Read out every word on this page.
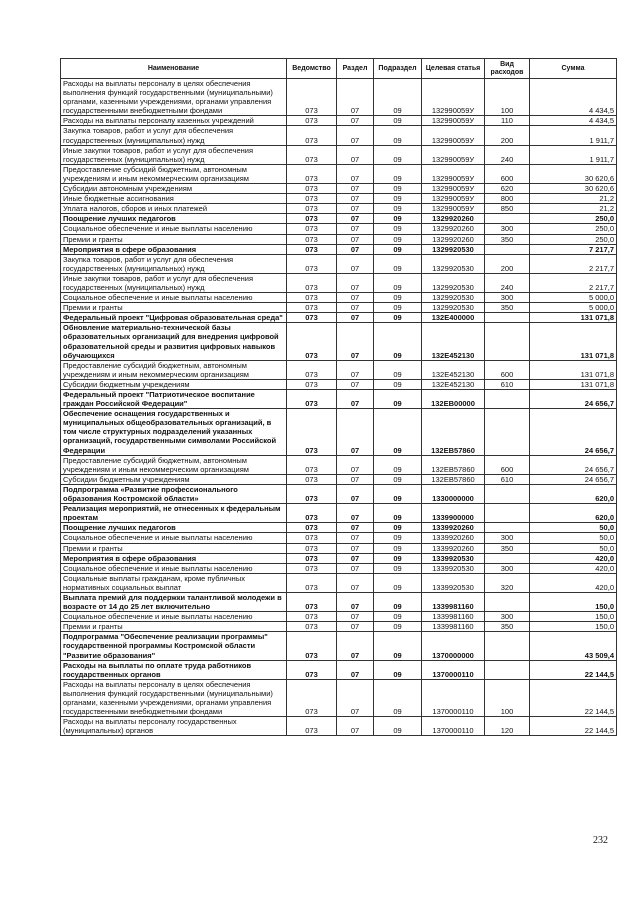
Наименование	Ведомство	Раздел	Подраздел	Целевая статья	Вид расходов	Сумма
Расходы на выплаты персоналу в целях обеспечения выполнения функций государственными (муниципальными) органами, казенными учреждениями, органами управления государственными внебюджетными фондами	073	07	09	132990059У	100	4 434,5
Расходы на выплаты персоналу казенных учреждений	073	07	09	132990059У	110	4 434,5
Закупка товаров, работ и услуг для обеспечения государственных (муниципальных) нужд	073	07	09	132990059У	200	1 911,7
Иные закупки товаров, работ и услуг для обеспечения государственных (муниципальных) нужд	073	07	09	132990059У	240	1 911,7
Предоставление субсидий бюджетным, автономным учреждениям и иным некоммерческим организациям	073	07	09	132990059У	600	30 620,6
Субсидии автономным учреждениям	073	07	09	132990059У	620	30 620,6
Иные бюджетные ассигнования	073	07	09	132990059У	800	21,2
Уплата налогов, сборов и иных платежей	073	07	09	132990059У	850	21,2
Поощрение лучших педагогов	073	07	09	1329920260		250,0
Социальное обеспечение и иные выплаты населению	073	07	09	1329920260	300	250,0
Премии и гранты	073	07	09	1329920260	350	250,0
Мероприятия в сфере образования	073	07	09	1329920530		7 217,7
Закупка товаров, работ и услуг для обеспечения государственных (муниципальных) нужд	073	07	09	1329920530	200	2 217,7
Иные закупки товаров, работ и услуг для обеспечения государственных (муниципальных) нужд	073	07	09	1329920530	240	2 217,7
Социальное обеспечение и иные выплаты населению	073	07	09	1329920530	300	5 000,0
Премии и гранты	073	07	09	1329920530	350	5 000,0
Федеральный проект "Цифровая образовательная среда"	073	07	09	132E400000		131 071,8
Обновление материально-технической базы образовательных организаций для внедрения цифровой образовательной среды и развития цифровых навыков обучающихся	073	07	09	132E452130		131 071,8
Предоставление субсидий бюджетным, автономным учреждениям и иным некоммерческим организациям	073	07	09	132E452130	600	131 071,8
Субсидии бюджетным учреждениям	073	07	09	132E452130	610	131 071,8
Федеральный проект "Патриотическое воспитание граждан Российской Федерации"	073	07	09	132EB00000		24 656,7
Обеспечение оснащения государственных и муниципальных общеобразовательных организаций, в том числе структурных подразделений указанных организаций, государственными символами Российской Федерации	073	07	09	132EB57860		24 656,7
Предоставление субсидий бюджетным, автономным учреждениям и иным некоммерческим организациям	073	07	09	132EB57860	600	24 656,7
Субсидии бюджетным учреждениям	073	07	09	132EB57860	610	24 656,7
Подпрограмма «Развитие профессионального образования Костромской области»	073	07	09	1330000000		620,0
Реализация мероприятий, не отнесенных к федеральным проектам	073	07	09	1339900000		620,0
Поощрение лучших педагогов	073	07	09	1339920260		50,0
Социальное обеспечение и иные выплаты населению	073	07	09	1339920260	300	50,0
Премии и гранты	073	07	09	1339920260	350	50,0
Мероприятия в сфере образования	073	07	09	1339920530		420,0
Социальное обеспечение и иные выплаты населению	073	07	09	1339920530	300	420,0
Социальные выплаты гражданам, кроме публичных нормативных социальных выплат	073	07	09	1339920530	320	420,0
Выплата премий для поддержки талантливой молодежи в возрасте от 14 до 25 лет включительно	073	07	09	1339981160		150,0
Социальное обеспечение и иные выплаты населению	073	07	09	1339981160	300	150,0
Премии и гранты	073	07	09	1339981160	350	150,0
Подпрограмма "Обеспечение реализации программы" государственной программы Костромской области "Развитие образования"	073	07	09	1370000000		43 509,4
Расходы на выплаты по оплате труда работников государственных органов	073	07	09	1370000110		22 144,5
Расходы на выплаты персоналу в целях обеспечения выполнения функций государственными (муниципальными) органами, казенными учреждениями, органами управления государственными внебюджетными фондами	073	07	09	1370000110	100	22 144,5
Расходы на выплаты персоналу государственных (муниципальных) органов	073	07	09	1370000110	120	22 144,5
232
